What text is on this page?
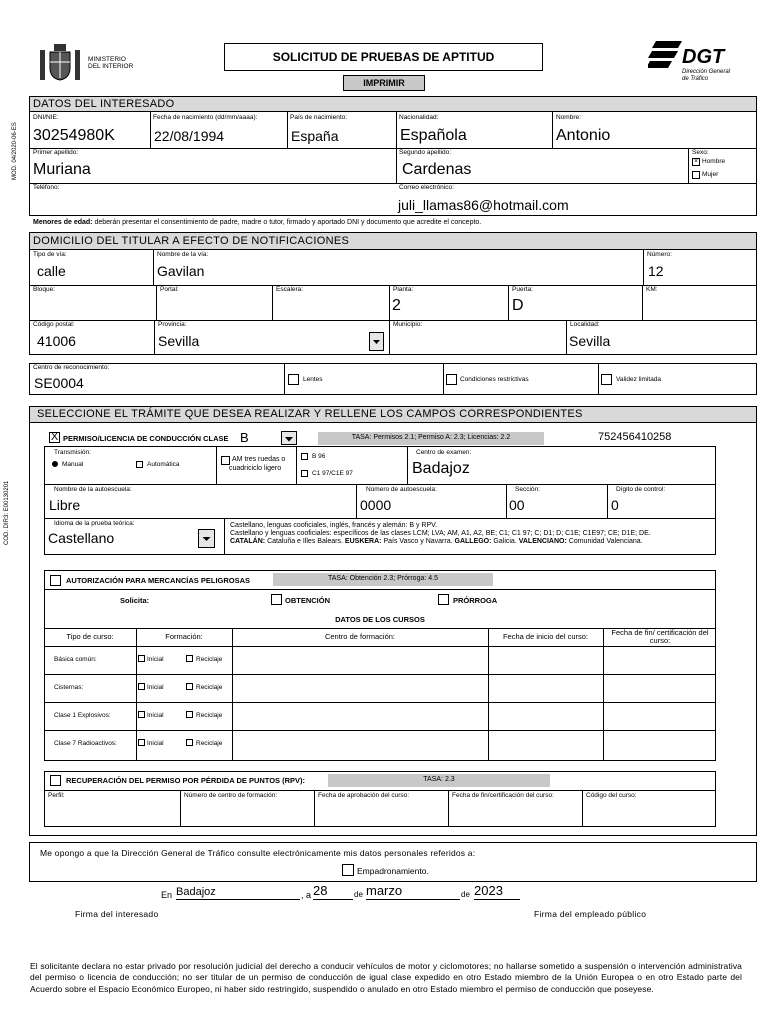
MINISTERIO
DEL INTERIOR
SOLICITUD DE PRUEBAS DE APTITUD
IMPRIMIR
DGT
Dirección General
de Tráfico
MOD. 04/2020-06-ES
COD. DIR3: E00130201
DATOS DEL INTERESADO
DNI/NIE:
30254980K
Fecha de nacimiento (dd/mm/aaaa):
22/08/1994
País de nacimiento:
España
Nacionalidad:
Española
Nombre:
Antonio
Primer apellido:
Muriana
Segundo apellido:
Cardenas
Sexo:
× Hombre
Mujer
Teléfono:	Correo electrónico:
juli_llamas86@hotmail.com
Menores de edad: deberán presentar el consentimiento de padre, madre o tutor, firmado y aportado DNI y documento que acredite el concepto.
DOMICILIO DEL TITULAR A EFECTO DE NOTIFICACIONES
Tipo de vía:
calle
Nombre de la vía:
Gavilan
Número:
12
Bloque:	Portal:	Escalera:	Planta:
2
Puerta:
D
KM:
Código postal:
41006
Provincia:
Sevilla
Municipio:	Localidad:
Sevilla
Centro de reconocimiento:
SE0004	Lentes	Condiciones restrictivas	Validez limitada
SELECCIONE EL TRÁMITE QUE DESEA REALIZAR Y RELLENE LOS CAMPOS CORRESPONDIENTES
X PERMISO/LICENCIA DE CONDUCCIÓN CLASE B	TASA: Permisos 2.1; Permiso A: 2.3; Licencias: 2.2	752456410258
Transmisión:
Manual	Automática
AM tres ruedas o
cuadriciclo ligero
B 96
C1 97/C1E 97
Centro de examen:
Badajoz
Nombre de la autoescuela:
Libre
Número de autoescuela:
0000
Sección:
00
Dígito de control:
0
Idioma de la prueba teórica:
Castellano
Castellano, lenguas cooficiales, inglés, francés y alemán: B y RPV.
Castellano y lenguas cooficiales: específicos de las clases LCM; LVA; AM, A1, A2, BE; C1; C1 97; C; D1; D; C1E; C1E97; CE; D1E; DE.
CATALÁN: Cataluña e Illes Balears. EUSKERA: País Vasco y Navarra. GALLEGO: Galicia. VALENCIANO: Comunidad Valenciana.
AUTORIZACIÓN PARA MERCANCÍAS PELIGROSAS	TASA: Obtención 2.3; Prórroga: 4.5
Solicita:	OBTENCIÓN	PRÓRROGA
DATOS DE LOS CURSOS
Tipo de curso:	Formación:	Centro de formación:	Fecha de inicio del curso:	Fecha de fin/ certificación del curso:
Básica común:	Inicial	Reciclaje
Cisternas:	Inicial	Reciclaje
Clase 1 Explosivos:	Inicial	Reciclaje
Clase 7 Radioactivos:	Inicial	Reciclaje
RECUPERACIÓN DEL PERMISO POR PÉRDIDA DE PUNTOS (RPV):	TASA: 2.3
Perfil:	Número de centro de formación:	Fecha de aprobación del curso:	Fecha de fin/certificación del curso:	Código del curso:
Me opongo a que la Dirección General de Tráfico consulte electrónicamente mis datos personales referidos a:
Empadronamiento.
En Badajoz	, a 28	de marzo	de 2023
Firma del interesado	Firma del empleado público
El solicitante declara no estar privado por resolución judicial del derecho a conducir vehículos de motor y ciclomotores; no hallarse sometido a suspensión o intervención administrativa del permiso o licencia de conducción; no ser titular de un permiso de conducción de igual clase expedido en otro Estado miembro de la Unión Europea o en otro Estado parte del Acuerdo sobre el Espacio Económico Europeo, ni haber sido restringido, suspendido o anulado en otro Estado miembro el permiso de conducción que poseyese.
